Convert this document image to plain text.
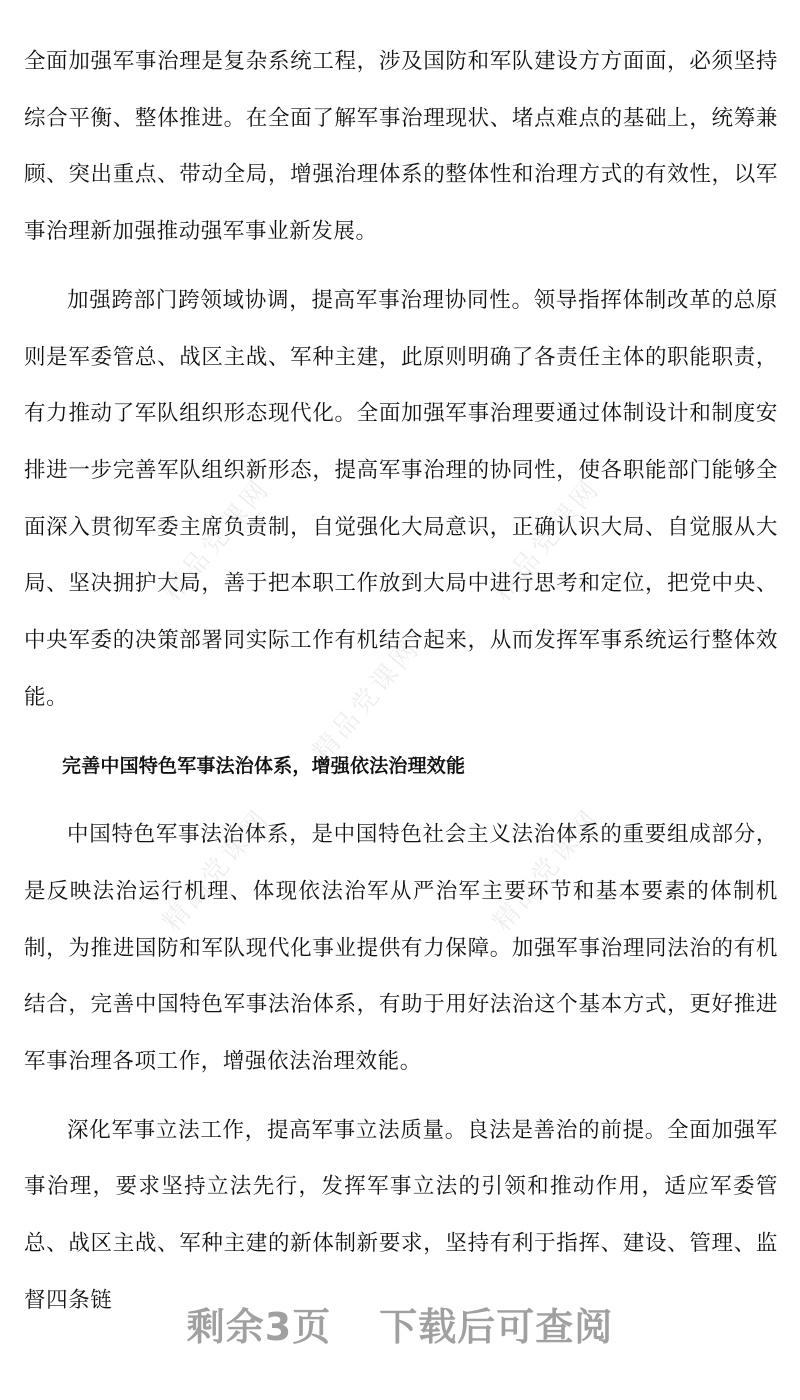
精品党课网	精品党课网
精品党课网
精品党课网	精品党课网

全面加强军事治理是复杂系统工程，涉及国防和军队建设方方面面，必须坚持综合平衡、整体推进。在全面了解军事治理现状、堵点难点的基础上，统筹兼顾、突出重点、带动全局，增强治理体系的整体性和治理方式的有效性，以军事治理新加强推动强军事业新发展。

加强跨部门跨领域协调，提高军事治理协同性。领导指挥体制改革的总原则是军委管总、战区主战、军种主建，此原则明确了各责任主体的职能职责，有力推动了军队组织形态现代化。全面加强军事治理要通过体制设计和制度安排进一步完善军队组织新形态，提高军事治理的协同性，使各职能部门能够全面深入贯彻军委主席负责制，自觉强化大局意识，正确认识大局、自觉服从大局、坚决拥护大局，善于把本职工作放到大局中进行思考和定位，把党中央、中央军委的决策部署同实际工作有机结合起来，从而发挥军事系统运行整体效能。

完善中国特色军事法治体系，增强依法治理效能

中国特色军事法治体系，是中国特色社会主义法治体系的重要组成部分，是反映法治运行机理、体现依法治军从严治军主要环节和基本要素的体制机制，为推进国防和军队现代化事业提供有力保障。加强军事治理同法治的有机结合，完善中国特色军事法治体系，有助于用好法治这个基本方式，更好推进军事治理各项工作，增强依法治理效能。

深化军事立法工作，提高军事立法质量。良法是善治的前提。全面加强军事治理，要求坚持立法先行，发挥军事立法的引领和推动作用，适应军委管总、战区主战、军种主建的新体制新要求，坚持有利于指挥、建设、管理、监督四条链

剩余3页 下载后可查阅
